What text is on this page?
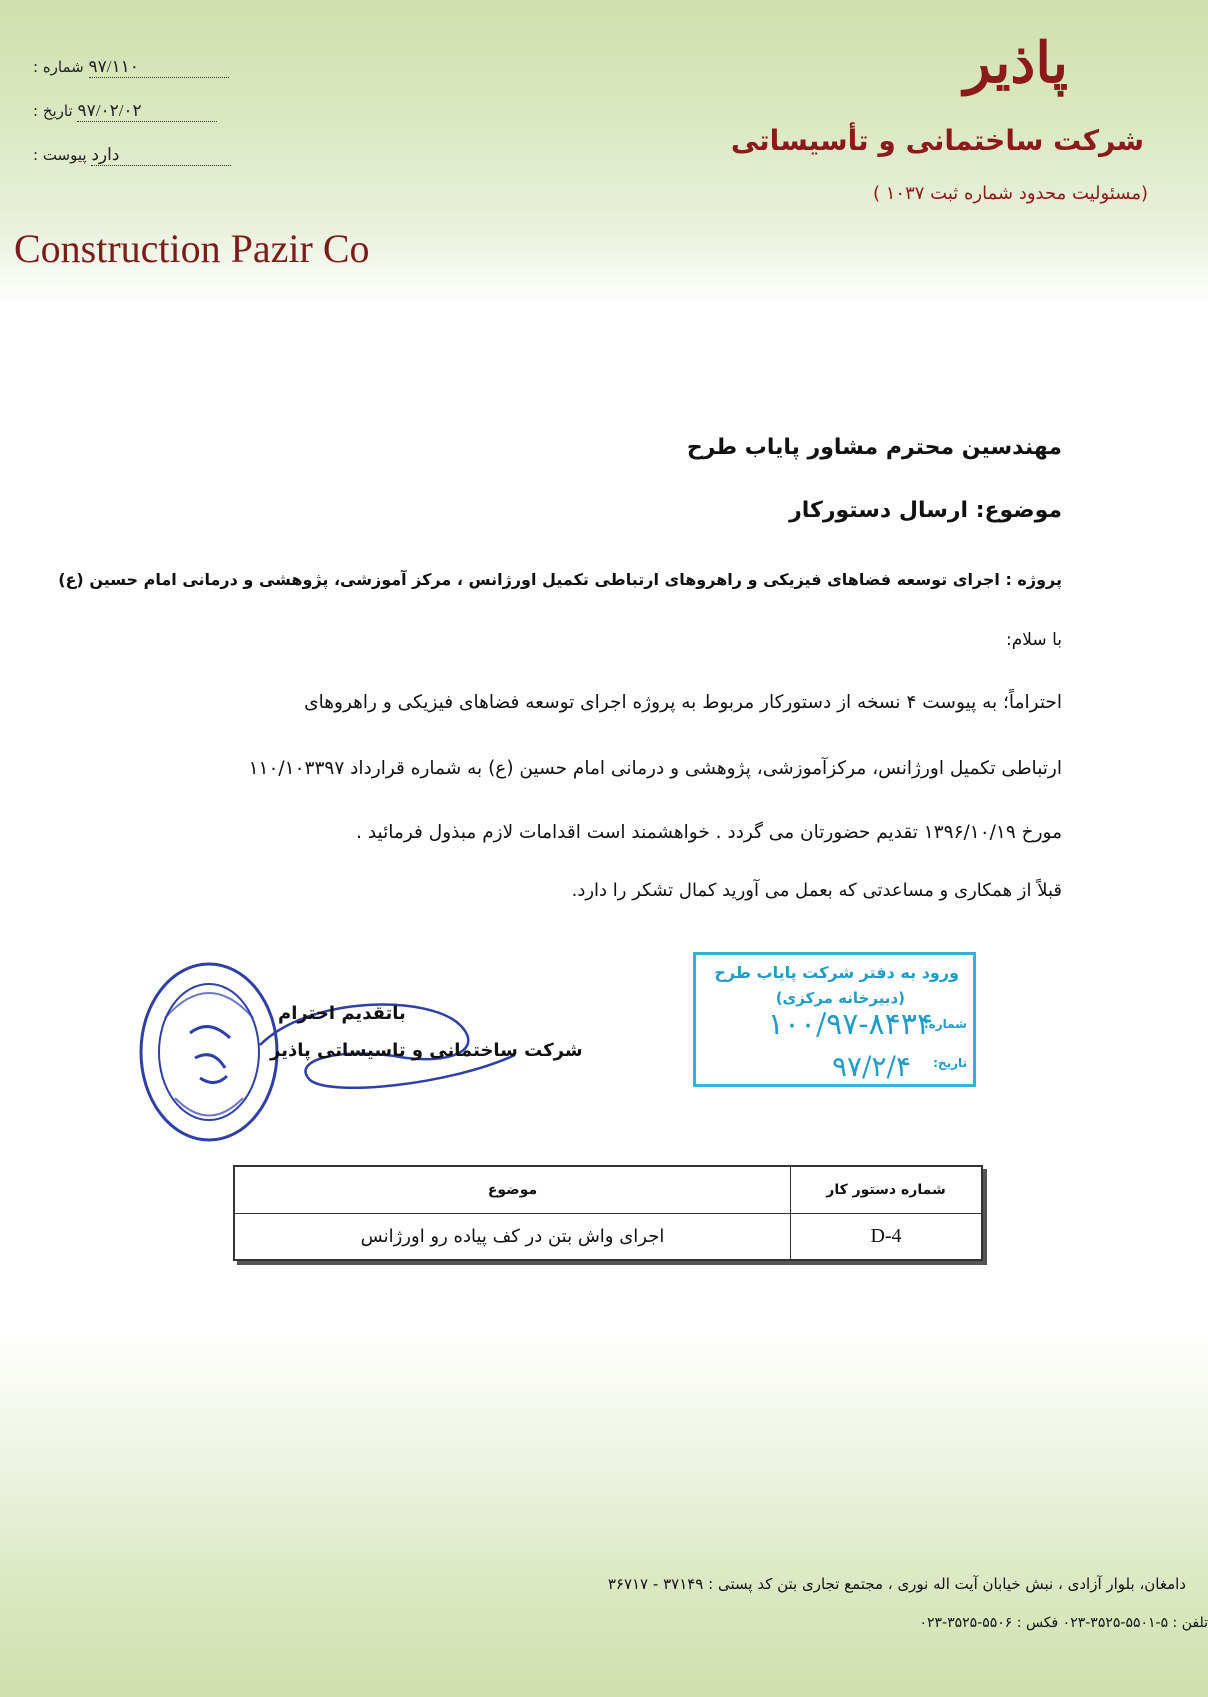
پاذیر
شرکت ساختمانی و تأسیساتی
(مسئولیت محدود شماره ثبت ۱۰۳۷ )
Construction Pazir Co
شماره : ۹۷/۱۱۰
تاریخ : ۹۷/۰۲/۰۲
پیوست : دارد
مهندسین محترم مشاور پایاب طرح
موضوع: ارسال دستورکار
پروژه : اجرای توسعه فضاهای فیزیکی و راهروهای ارتباطی تکمیل اورژانس ، مرکز آموزشی، پژوهشی و درمانی امام حسین (ع)
با سلام:
احتراماً؛ به پیوست ۴ نسخه از دستورکار مربوط به پروژه اجرای توسعه فضاهای فیزیکی و راهروهای
ارتباطی تکمیل اورژانس، مرکزآموزشی، پژوهشی و درمانی امام حسین (ع) به شماره قرارداد ۱۱۰/۱۰۳۳۹۷
مورخ ۱۳۹۶/۱۰/۱۹ تقدیم حضورتان می گردد . خواهشمند است اقدامات لازم مبذول فرمائید .
قبلاً از همکاری و مساعدتی که بعمل می آورید کمال تشکر را دارد.
باتقدیم احترام
شرکت ساختمانی و تاسیساتی پاذیر
ورود به دفتر شرکت پایاب طرح
(دبیرخانه مرکزی)
شماره:
۱۰۰/۹۷-۸۴۳۴
تاریخ:
۹۷/۲/۴
موضوع	شماره دستور کار
اجرای واش بتن در کف پیاده رو اورژانس	D-4
دامغان، بلوار آزادی ، نبش خیابان آیت اله نوری ، مجتمع تجاری بتن کد پستی : ۳۷۱۴۹ - ۳۶۷۱۷
تلفن : ۵-۵۵۰۱-۳۵۲۵-۰۲۳ فکس : ۵۵۰۶-۳۵۲۵-۰۲۳
